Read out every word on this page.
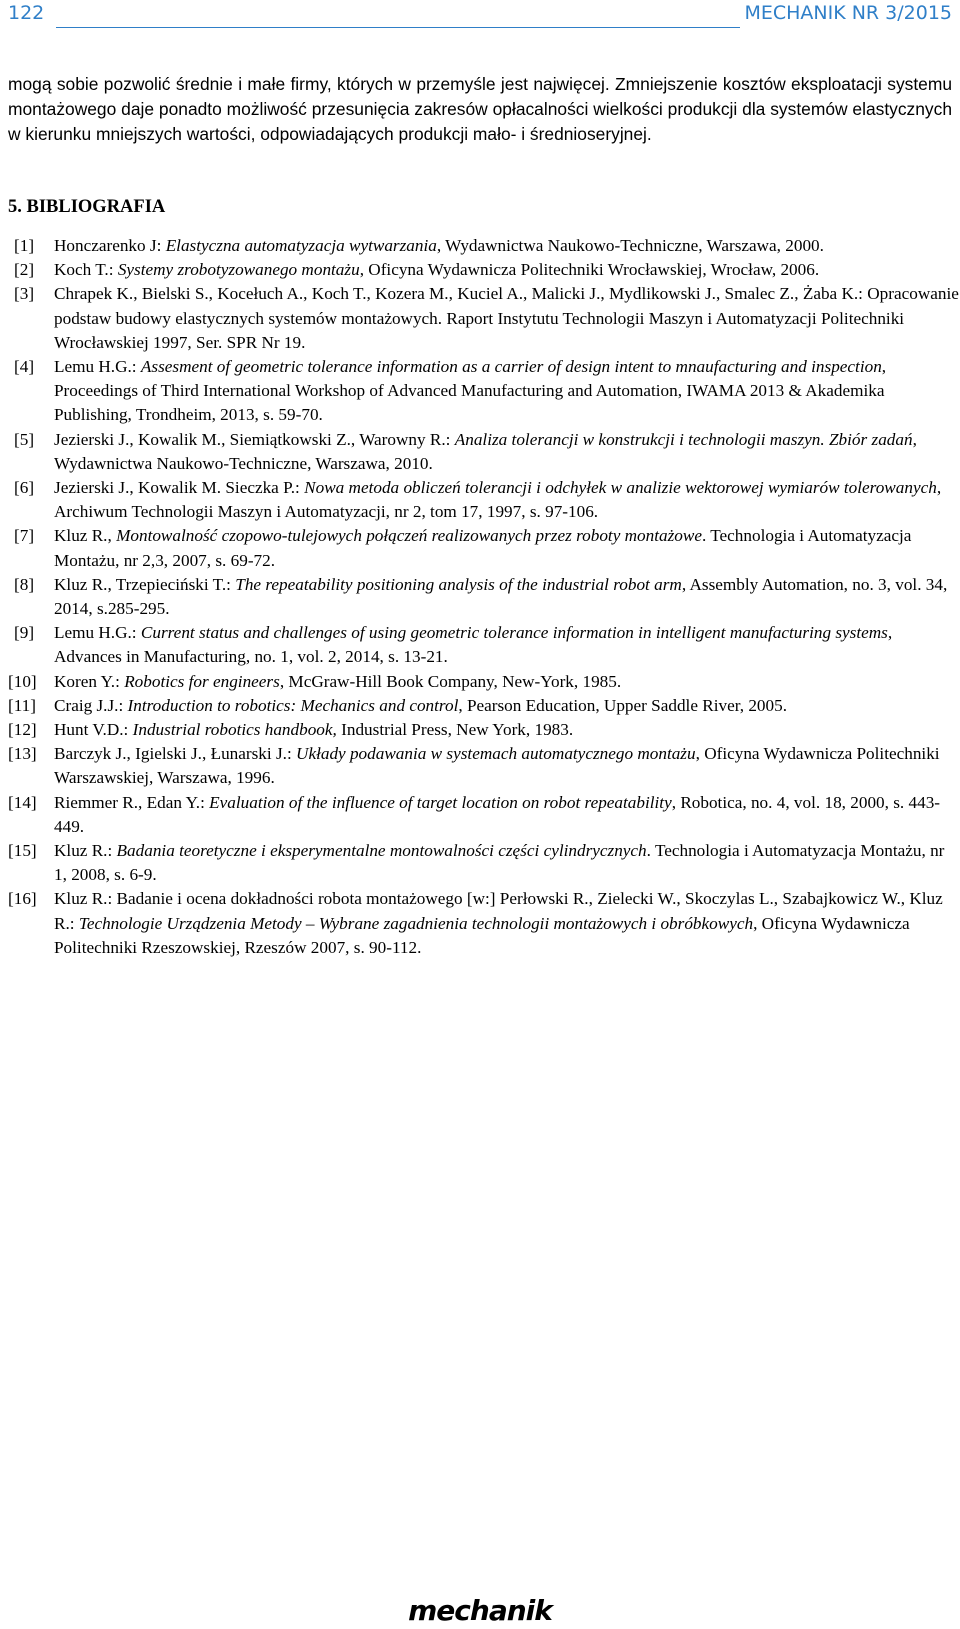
122	MECHANIK NR 3/2015

mogą sobie pozwolić średnie i małe firmy, których w przemyśle jest najwięcej. Zmniejszenie kosztów eksploatacji systemu montażowego daje ponadto możliwość przesunięcia zakresów opłacalności wielkości produkcji dla systemów elastycznych w kierunku mniejszych wartości, odpowiadających produkcji mało- i średnioseryjnej.

5. BIBLIOGRAFIA

[1] Honczarenko J: Elastyczna automatyzacja wytwarzania, Wydawnictwa Naukowo-Techniczne, Warszawa, 2000.

[2] Koch T.: Systemy zrobotyzowanego montażu, Oficyna Wydawnicza Politechniki Wrocławskiej, Wrocław, 2006.

[3] Chrapek K., Bielski S., Kocełuch A., Koch T., Kozera M., Kuciel A., Malicki J., Mydlikowski J., Smalec Z., Żaba K.: Opracowanie podstaw budowy elastycznych systemów montażowych. Raport Instytutu Technologii Maszyn i Automatyzacji Politechniki Wrocławskiej 1997, Ser. SPR Nr 19.

[4] Lemu H.G.: Assesment of geometric tolerance information as a carrier of design intent to mnaufacturing and inspection, Proceedings of Third International Workshop of Advanced Manufacturing and Automation, IWAMA 2013 & Akademika Publishing, Trondheim, 2013, s. 59-70.

[5] Jezierski J., Kowalik M., Siemiątkowski Z., Warowny R.: Analiza tolerancji w konstrukcji i technologii maszyn. Zbiór zadań, Wydawnictwa Naukowo-Techniczne, Warszawa, 2010.

[6] Jezierski J., Kowalik M. Sieczka P.: Nowa metoda obliczeń tolerancji i odchyłek w analizie wektorowej wymiarów tolerowanych, Archiwum Technologii Maszyn i Automatyzacji, nr 2, tom 17, 1997, s. 97-106.

[7] Kluz R., Montowalność czopowo-tulejowych połączeń realizowanych przez roboty montażowe. Technologia i Automatyzacja Montażu, nr 2,3, 2007, s. 69-72.

[8] Kluz R., Trzepieciński T.: The repeatability positioning analysis of the industrial robot arm, Assembly Automation, no. 3, vol. 34, 2014, s.285-295.

[9] Lemu H.G.: Current status and challenges of using geometric tolerance information in intelligent manufacturing systems, Advances in Manufacturing, no. 1, vol. 2, 2014, s. 13-21.

[10] Koren Y.: Robotics for engineers, McGraw-Hill Book Company, New-York, 1985.

[11] Craig J.J.: Introduction to robotics: Mechanics and control, Pearson Education, Upper Saddle River, 2005.

[12] Hunt V.D.: Industrial robotics handbook, Industrial Press, New York, 1983.

[13] Barczyk J., Igielski J., Łunarski J.: Układy podawania w systemach automatycznego montażu, Oficyna Wydawnicza Politechniki Warszawskiej, Warszawa, 1996.

[14] Riemmer R., Edan Y.: Evaluation of the influence of target location on robot repeatability, Robotica, no. 4, vol. 18, 2000, s. 443-449.

[15] Kluz R.: Badania teoretyczne i eksperymentalne montowalności części cylindrycznych. Technologia i Automatyzacja Montażu, nr 1, 2008, s. 6-9.

[16] Kluz R.: Badanie i ocena dokładności robota montażowego [w:] Perłowski R., Zielecki W., Skoczylas L., Szabajkowicz W., Kluz R.: Technologie Urządzenia Metody – Wybrane zagadnienia technologii montażowych i obróbkowych, Oficyna Wydawnicza Politechniki Rzeszowskiej, Rzeszów 2007, s. 90-112.

mechanik
